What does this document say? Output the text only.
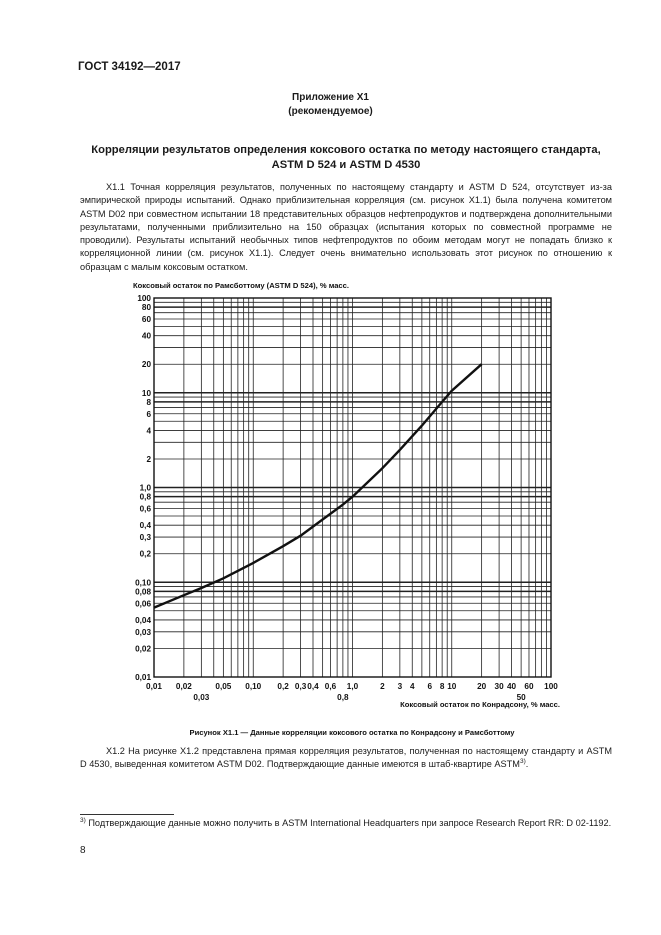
ГОСТ 34192—2017
Приложение Х1
(рекомендуемое)
Корреляции результатов определения коксового остатка по методу настоящего стандарта,
ASTM D 524 и ASTM D 4530
X1.1 Точная корреляция результатов, полученных по настоящему стандарту и ASTM D 524, отсутствует из-за эмпирической природы испытаний. Однако приблизительная корреляция (см. рисунок X1.1) была получена комитетом ASTM D02 при совместном испытании 18 представительных образцов нефтепродуктов и подтверждена дополнительными результатами, полученными приблизительно на 150 образцах (испытания которых по совместной программе не проводили). Результаты испытаний необычных типов нефтепродуктов по обоим методам могут не попадать близко к корреляционной линии (см. рисунок X1.1). Следует очень внимательно использовать этот рисунок по отношению к образцам с малым коксовым остатком.
Коксовый остаток по Рамсботтому (ASTM D 524), % масс.
100
80
60
40
20
10
8
6
4
2
1,0
0,8
0,6
0,4
0,3
0,2
0,10
0,08
0,06
0,04
0,03
0,02
0,01
0,01 0,02	0,05 0,10 0,2 0,3 0,4 0,6 1,0	2 3 4 6 8 10	20 30 40 60 100
0,03	0,8	50
Коксовый остаток по Конрадсону, % масс.
Рисунок X1.1 — Данные корреляции коксового остатка по Конрадсону и Рамсботтому
X1.2 На рисунке X1.2 представлена прямая корреляция результатов, полученная по настоящему стандарту и ASTM D 4530, выведенная комитетом ASTM D02. Подтверждающие данные имеются в штаб-квартире ASTM$^{3)}$.
$^{3)}$ Подтверждающие данные можно получить в ASTM International Headquarters при запросе Research Report RR: D 02-1192.
8
